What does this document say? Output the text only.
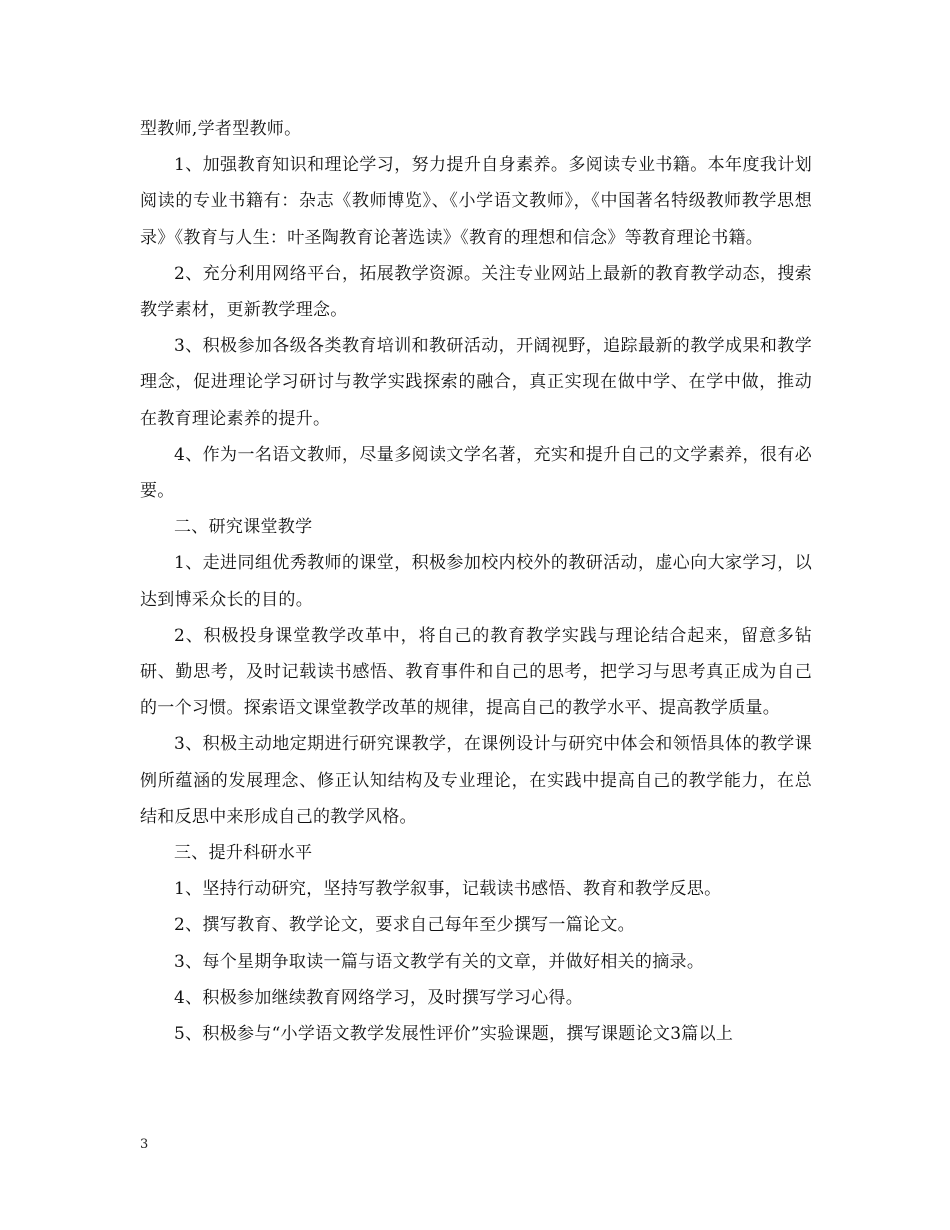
型教师,学者型教师。

1、加强教育知识和理论学习，努力提升自身素养。多阅读专业书籍。本年度我计划阅读的专业书籍有：杂志《教师博览》、《小学语文教师》，《中国著名特级教师教学思想录》《教育与人生：叶圣陶教育论著选读》《教育的理想和信念》等教育理论书籍。

2、充分利用网络平台，拓展教学资源。关注专业网站上最新的教育教学动态，搜索教学素材，更新教学理念。

3、积极参加各级各类教育培训和教研活动，开阔视野，追踪最新的教学成果和教学理念，促进理论学习研讨与教学实践探索的融合，真正实现在做中学、在学中做，推动在教育理论素养的提升。

4、作为一名语文教师，尽量多阅读文学名著，充实和提升自己的文学素养，很有必要。

二、研究课堂教学

1、走进同组优秀教师的课堂，积极参加校内校外的教研活动，虚心向大家学习，以达到博采众长的目的。

2、积极投身课堂教学改革中，将自己的教育教学实践与理论结合起来，留意多钻研、勤思考，及时记载读书感悟、教育事件和自己的思考，把学习与思考真正成为自己的一个习惯。探索语文课堂教学改革的规律，提高自己的教学水平、提高教学质量。

3、积极主动地定期进行研究课教学，在课例设计与研究中体会和领悟具体的教学课例所蕴涵的发展理念、修正认知结构及专业理论，在实践中提高自己的教学能力，在总结和反思中来形成自己的教学风格。

三、提升科研水平

1、坚持行动研究，坚持写教学叙事，记载读书感悟、教育和教学反思。

2、撰写教育、教学论文，要求自己每年至少撰写一篇论文。

3、每个星期争取读一篇与语文教学有关的文章，并做好相关的摘录。

4、积极参加继续教育网络学习，及时撰写学习心得。

5、积极参与“小学语文教学发展性评价”实验课题，撰写课题论文3篇以上

3
